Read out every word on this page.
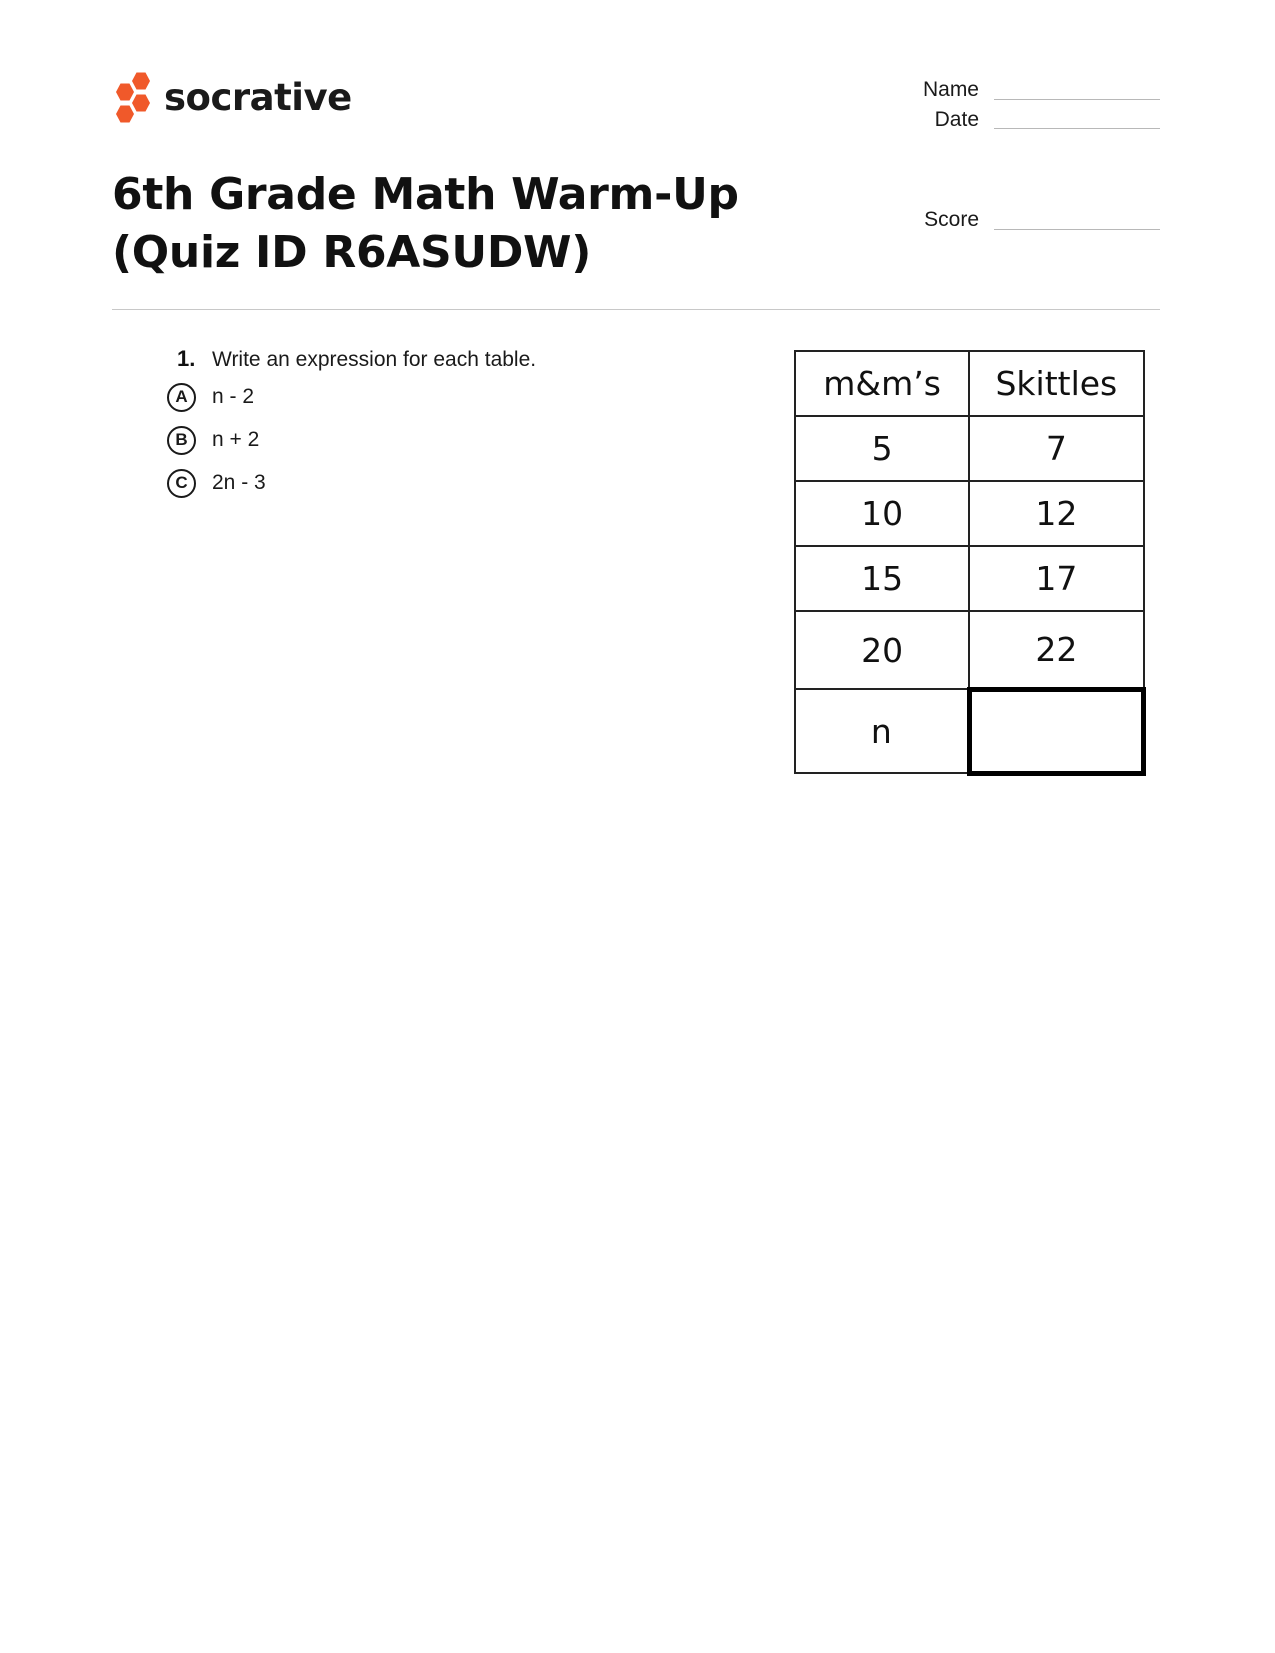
socrative	Name
Date
Score
6th Grade Math Warm-Up (Quiz ID R6ASUDW)
1. Write an expression for each table.
A	n - 2
B	n + 2
C	2n - 3
m&m’s	Skittles
5	7
10	12
15	17
20	22
n	
